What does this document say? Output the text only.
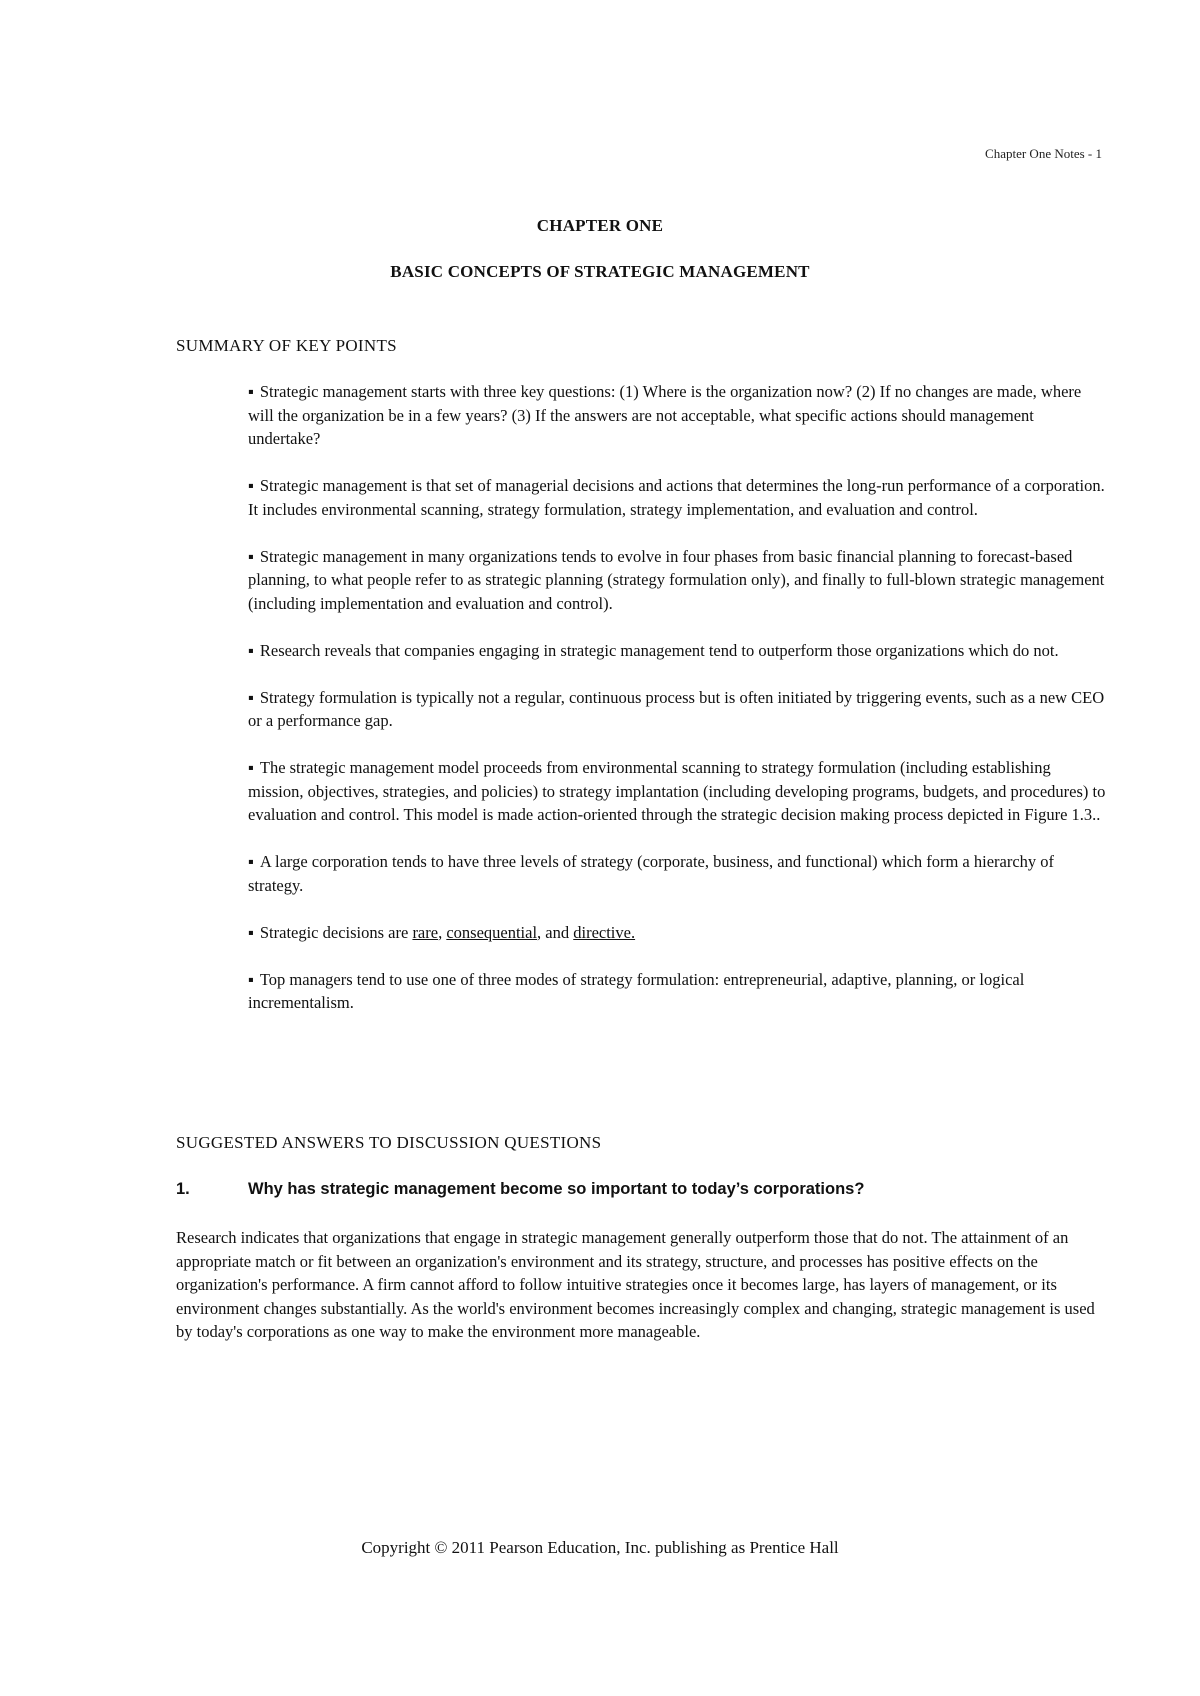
Chapter One Notes - 1
CHAPTER ONE
BASIC CONCEPTS OF STRATEGIC MANAGEMENT
SUMMARY OF KEY POINTS

▪ Strategic management starts with three key questions: (1) Where is the organization now? (2) If no changes are made, where will the organization be in a few years? (3) If the answers are not acceptable, what specific actions should management undertake?

▪ Strategic management is that set of managerial decisions and actions that determines the long-run performance of a corporation. It includes environmental scanning, strategy formulation, strategy implementation, and evaluation and control.

▪ Strategic management in many organizations tends to evolve in four phases from basic financial planning to forecast-based planning, to what people refer to as strategic planning (strategy formulation only), and finally to full-blown strategic management (including implementation and evaluation and control).

▪ Research reveals that companies engaging in strategic management tend to outperform those organizations which do not.

▪ Strategy formulation is typically not a regular, continuous process but is often initiated by triggering events, such as a new CEO or a performance gap.

▪ The strategic management model proceeds from environmental scanning to strategy formulation (including establishing mission, objectives, strategies, and policies) to strategy implantation (including developing programs, budgets, and procedures) to evaluation and control. This model is made action-oriented through the strategic decision making process depicted in Figure 1.3..

▪ A large corporation tends to have three levels of strategy (corporate, business, and functional) which form a hierarchy of strategy.

▪ Strategic decisions are rare, consequential, and directive.

▪ Top managers tend to use one of three modes of strategy formulation: entrepreneurial, adaptive, planning, or logical incrementalism.

SUGGESTED ANSWERS TO DISCUSSION QUESTIONS
1.	Why has strategic management become so important to today’s corporations?
Research indicates that organizations that engage in strategic management generally outperform those that do not. The attainment of an appropriate match or fit between an organization's environment and its strategy, structure, and processes has positive effects on the organization's performance. A firm cannot afford to follow intuitive strategies once it becomes large, has layers of management, or its environment changes substantially. As the world's environment becomes increasingly complex and changing, strategic management is used by today's corporations as one way to make the environment more manageable.
Copyright © 2011 Pearson Education, Inc. publishing as Prentice Hall
